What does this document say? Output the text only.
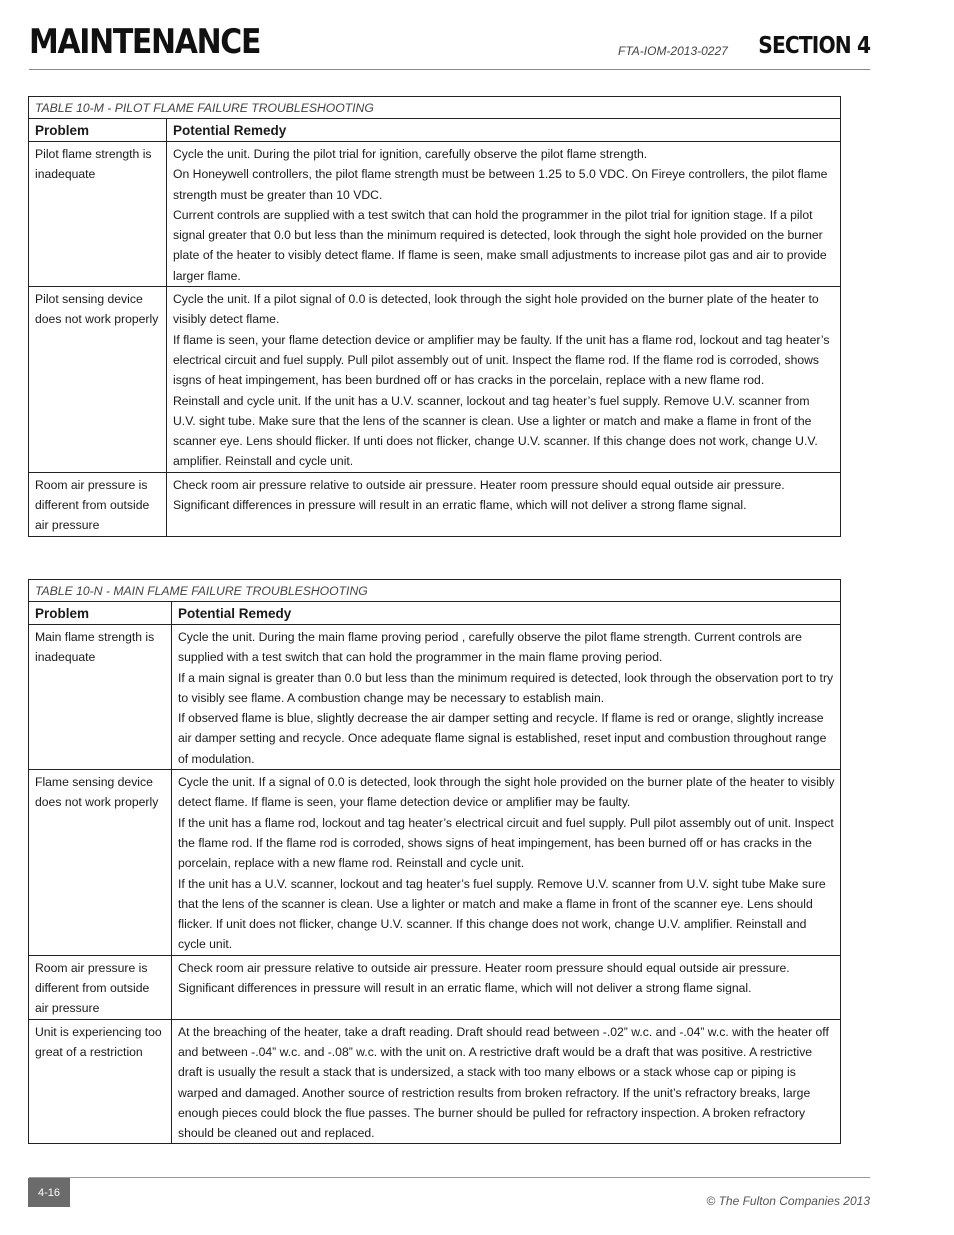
MAINTENANCE	FTA-IOM-2013-0227 SECTION 4
TABLE 10-M - PILOT FLAME FAILURE TROUBLESHOOTING	
Problem	Potential Remedy
Pilot flame strength is inadequate	Cycle the unit. During the pilot trial for ignition, carefully observe the pilot flame strength.

On Honeywell controllers, the pilot flame strength must be between 1.25 to 5.0 VDC. On Fireye controllers, the pilot flame strength must be greater than 10 VDC.

Current controls are supplied with a test switch that can hold the programmer in the pilot trial for ignition stage. If a pilot signal greater that 0.0 but less than the minimum required is detected, look through the sight hole provided on the burner plate of the heater to visibly detect flame. If flame is seen, make small adjustments to increase pilot gas and air to provide larger flame.

Pilot sensing device does not work properly	Cycle the unit. If a pilot signal of 0.0 is detected, look through the sight hole provided on the burner plate of the heater to visibly detect flame.

If flame is seen, your flame detection device or amplifier may be faulty. If the unit has a flame rod, lockout and tag heater’s electrical circuit and fuel supply. Pull pilot assembly out of unit. Inspect the flame rod. If the flame rod is corroded, shows isgns of heat impingement, has been burdned off or has cracks in the porcelain, replace with a new flame rod.

Reinstall and cycle unit. If the unit has a U.V. scanner, lockout and tag heater’s fuel supply. Remove U.V. scanner from U.V. sight tube. Make sure that the lens of the scanner is clean. Use a lighter or match and make a flame in front of the scanner eye. Lens should flicker. If unti does not flicker, change U.V. scanner. If this change does not work, change U.V. amplifier. Reinstall and cycle unit.

Room air pressure is different from outside air pressure	Check room air pressure relative to outside air pressure. Heater room pressure should equal outside air pressure. Significant differences in pressure will result in an erratic flame, which will not deliver a strong flame signal.

TABLE 10-N - MAIN FLAME FAILURE TROUBLESHOOTING	
Problem	Potential Remedy
Main flame strength is inadequate	Cycle the unit. During the main flame proving period , carefully observe the pilot flame strength. Current controls are supplied with a test switch that can hold the programmer in the main flame proving period.

If a main signal is greater than 0.0 but less than the minimum required is detected, look through the observation port to try to visibly see flame. A combustion change may be necessary to establish main.

If observed flame is blue, slightly decrease the air damper setting and recycle. If flame is red or orange, slightly increase air damper setting and recycle. Once adequate flame signal is established, reset input and combustion throughout range of modulation.

Flame sensing device does not work properly	Cycle the unit. If a signal of 0.0 is detected, look through the sight hole provided on the burner plate of the heater to visibly detect flame. If flame is seen, your flame detection device or amplifier may be faulty.

If the unit has a flame rod, lockout and tag heater’s electrical circuit and fuel supply. Pull pilot assembly out of unit. Inspect the flame rod. If the flame rod is corroded, shows signs of heat impingement, has been burned off or has cracks in the porcelain, replace with a new flame rod. Reinstall and cycle unit.

If the unit has a U.V. scanner, lockout and tag heater’s fuel supply. Remove U.V. scanner from U.V. sight tube Make sure that the lens of the scanner is clean. Use a lighter or match and make a flame in front of the scanner eye. Lens should flicker. If unit does not flicker, change U.V. scanner. If this change does not work, change U.V. amplifier. Reinstall and cycle unit.

Room air pressure is different from outside air pressure	Check room air pressure relative to outside air pressure. Heater room pressure should equal outside air pressure. Significant differences in pressure will result in an erratic flame, which will not deliver a strong flame signal.

Unit is experiencing too great of a restriction	At the breaching of the heater, take a draft reading. Draft should read between -.02” w.c. and -.04” w.c. with the heater off and between -.04” w.c. and -.08” w.c. with the unit on. A restrictive draft would be a draft that was positive. A restrictive draft is usually the result a stack that is undersized, a stack with too many elbows or a stack whose cap or piping is warped and damaged. Another source of restriction results from broken refractory. If the unit’s refractory breaks, large enough pieces could block the flue passes. The burner should be pulled for refractory inspection. A broken refractory should be cleaned out and replaced.

4-16
© The Fulton Companies 2013
